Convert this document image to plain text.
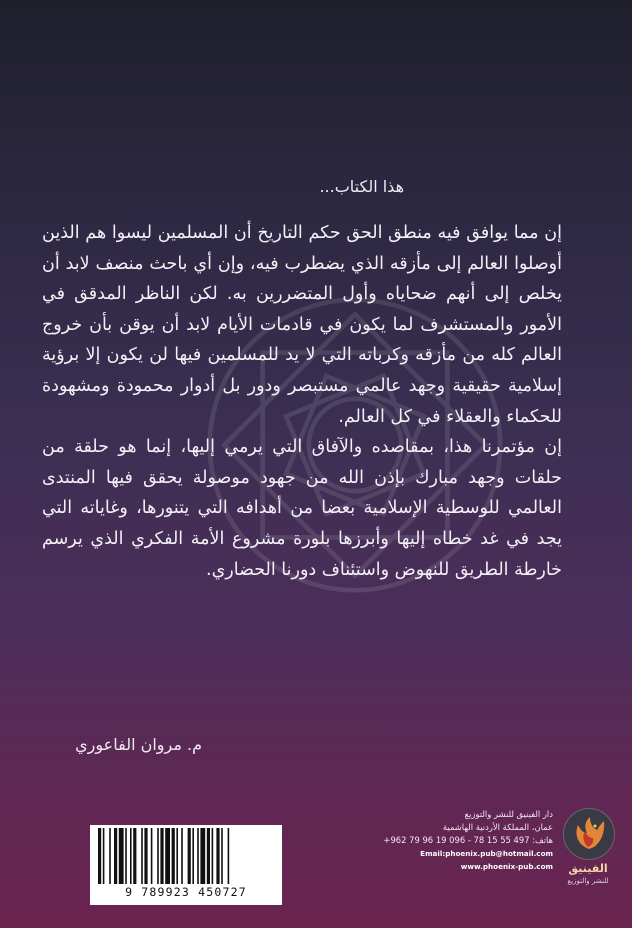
هذا الكتاب...

إن مما يوافق فيه منطق الحق حكم التاريخ أن المسلمين ليسوا هم الذين أوصلوا العالم إلى مأزقه الذي يضطرب فيه، وإن أي باحث منصف لابد أن يخلص إلى أنهم ضحاياه وأول المتضررين به. لكن الناظر المدقق في الأمور والمستشرف لما يكون في قادمات الأيام لابد أن يوقن بأن خروج العالم كله من مأزقه وكرباته التي لا يد للمسلمين فيها لن يكون إلا برؤية إسلامية حقيقية وجهد عالمي مستبصر ودور بل أدوار محمودة ومشهودة للحكماء والعقلاء في كل العالم.

إن مؤتمرنا هذا، بمقاصده والآفاق التي يرمي إليها، إنما هو حلقة من حلقات وجهد مبارك بإذن الله من جهود موصولة يحقق فيها المنتدى العالمي للوسطية الإسلامية بعضا من أهدافه التي يتنورها، وغاياته التي يجد في غد خطاه إليها وأبرزها بلورة مشروع الأمة الفكري الذي يرسم خارطة الطريق للنهوض واستئناف دورنا الحضاري.

م. مروان الفاعوري
9 789923 450727
دار الفينيق للنشر والتوزيع
عمان، المملكة الأردنية الهاشمية
هاتف: 497 55 15 78 - 096 19 96 79 962+
Email:phoenix.pub@hotmail.com
www.phoenix-pub.com	الفينيق
للنشر والتوزيع
